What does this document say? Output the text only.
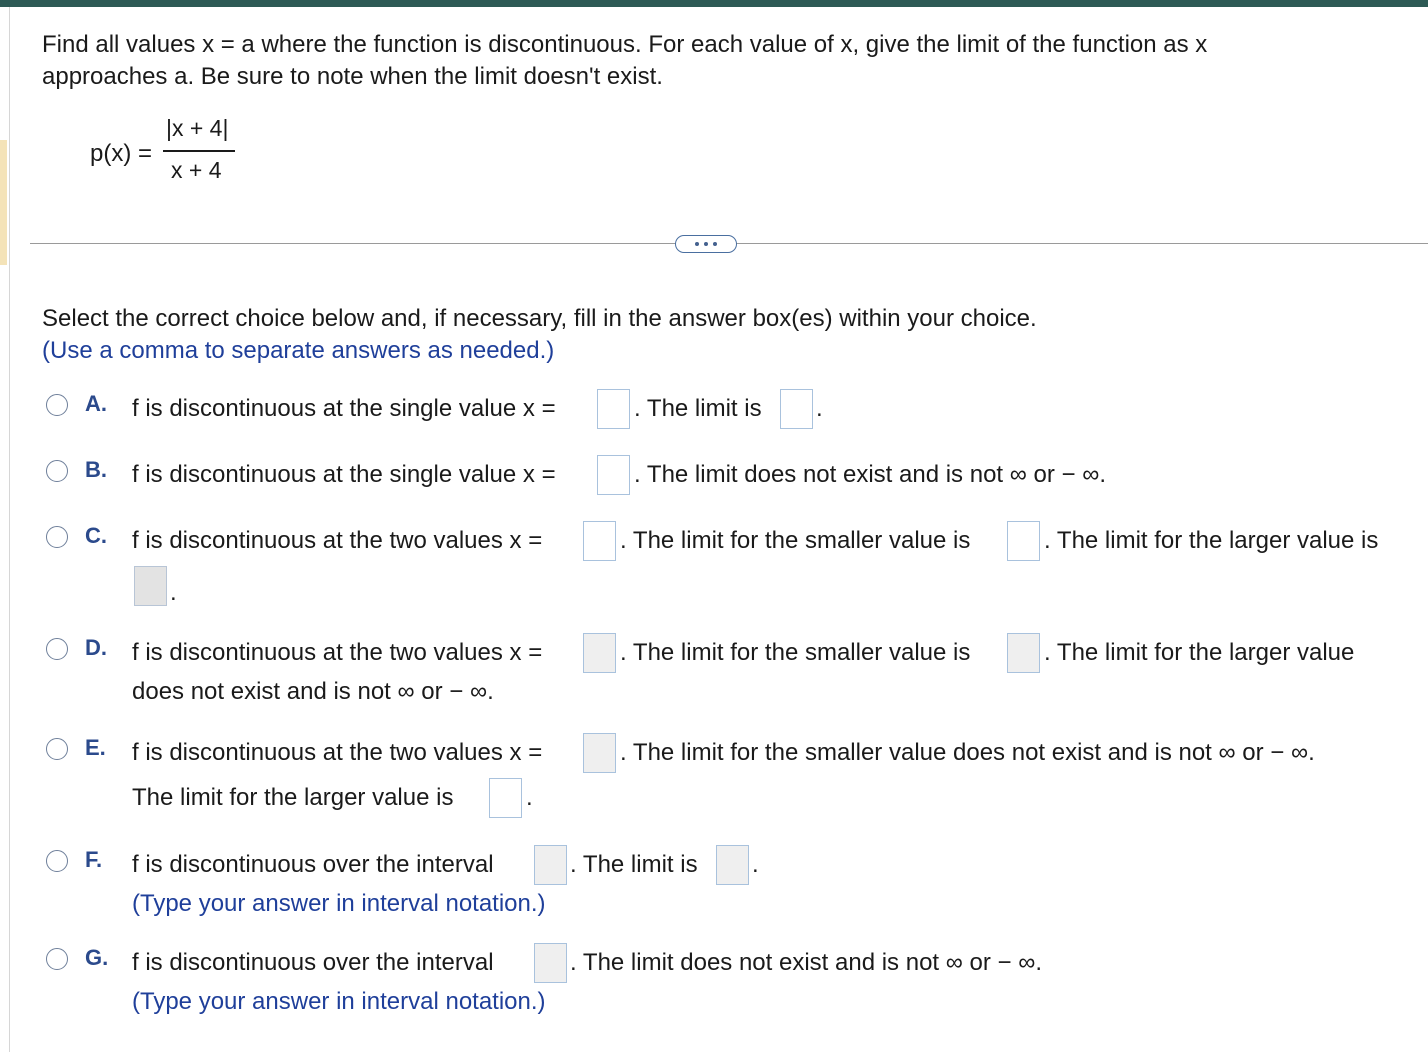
Find all values x = a where the function is discontinuous. For each value of x, give the limit of the function as x
approaches a. Be sure to note when the limit doesn't exist.
p(x) =
|x + 4|
x + 4
Select the correct choice below and, if necessary, fill in the answer box(es) within your choice.
(Use a comma to separate answers as needed.)
A. f is discontinuous at the single value x =	. The limit is .
B. f is discontinuous at the single value x =	. The limit does not exist and is not ∞ or − ∞.
C. f is discontinuous at the two values x =	. The limit for the smaller value is	. The limit for the larger value is
.
D. f is discontinuous at the two values x =	. The limit for the smaller value is	. The limit for the larger value
does not exist and is not ∞ or − ∞.
E. f is discontinuous at the two values x =	. The limit for the smaller value does not exist and is not ∞ or − ∞.
The limit for the larger value is	.
F. f is discontinuous over the interval	. The limit is .
(Type your answer in interval notation.)
G. f is discontinuous over the interval	. The limit does not exist and is not ∞ or − ∞.
(Type your answer in interval notation.)
